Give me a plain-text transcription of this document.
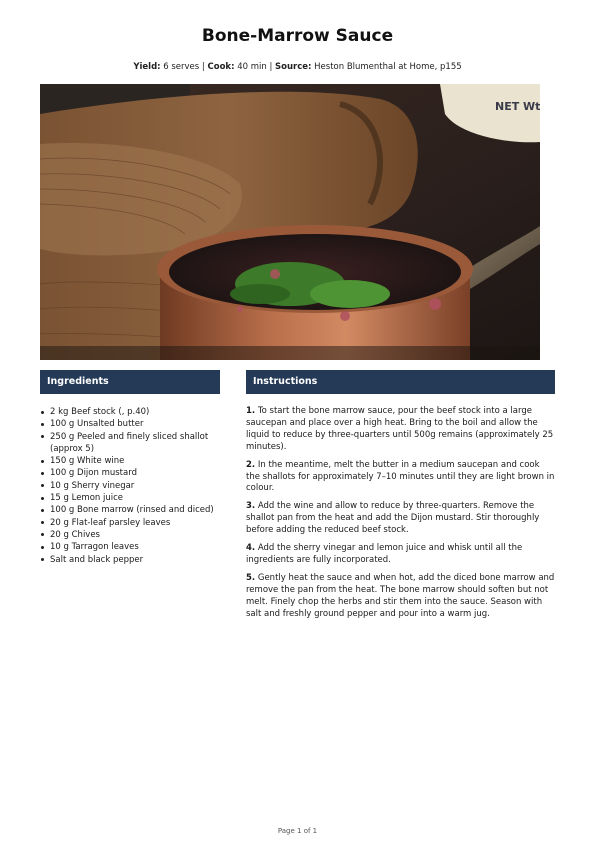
Bone-Marrow Sauce
Yield: 6 serves | Cook: 40 min | Source: Heston Blumenthal at Home, p155
NET Wt
Ingredients	Instructions
2 kg Beef stock (, p.40)
100 g Unsalted butter
250 g Peeled and finely sliced shallot (approx 5)
150 g White wine
100 g Dijon mustard
10 g Sherry vinegar
15 g Lemon juice
100 g Bone marrow (rinsed and diced)
20 g Flat-leaf parsley leaves
20 g Chives
10 g Tarragon leaves
Salt and black pepper

1. To start the bone marrow sauce, pour the beef stock into a large saucepan and place over a high heat. Bring to the boil and allow the liquid to reduce by three-quarters until 500g remains (approximately 25 minutes).

2. In the meantime, melt the butter in a medium saucepan and cook the shallots for approximately 7–10 minutes until they are light brown in colour.

3. Add the wine and allow to reduce by three-quarters. Remove the shallot pan from the heat and add the Dijon mustard. Stir thoroughly before adding the reduced beef stock.

4. Add the sherry vinegar and lemon juice and whisk until all the ingredients are fully incorporated.

5. Gently heat the sauce and when hot, add the diced bone marrow and remove the pan from the heat. The bone marrow should soften but not melt. Finely chop the herbs and stir them into the sauce. Season with salt and freshly ground pepper and pour into a warm jug.

Page 1 of 1
